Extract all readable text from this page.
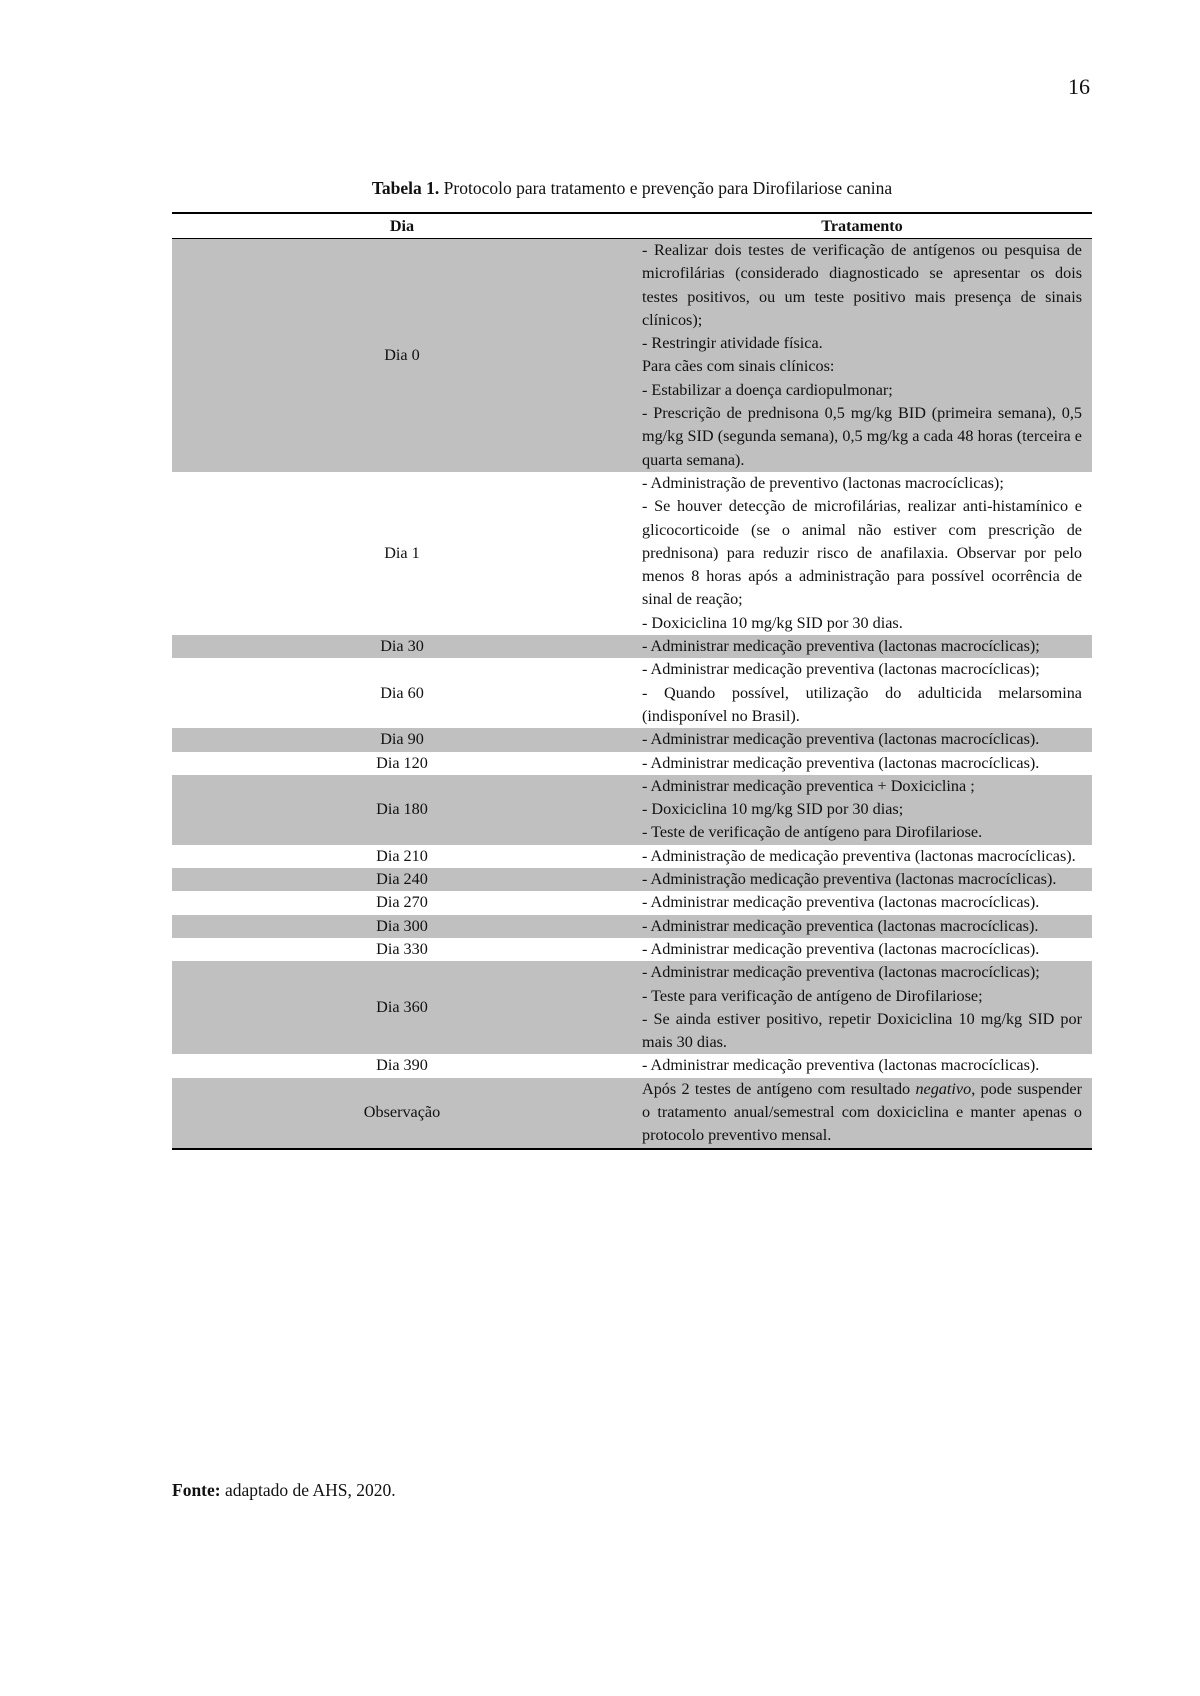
16
Tabela 1. Protocolo para tratamento e prevenção para Dirofilariose canina
Dia	Tratamento
Dia 0	- Realizar dois testes de verificação de antígenos ou pesquisa de microfilárias (considerado diagnosticado se apresentar os dois testes positivos, ou um teste positivo mais presença de sinais clínicos);
- Restringir atividade física.
Para cães com sinais clínicos:
- Estabilizar a doença cardiopulmonar;
- Prescrição de prednisona 0,5 mg/kg BID (primeira semana), 0,5 mg/kg SID (segunda semana), 0,5 mg/kg a cada 48 horas (terceira e quarta semana).

Dia 1	- Administração de preventivo (lactonas macrocíclicas);
- Se houver detecção de microfilárias, realizar anti-histamínico e glicocorticoide (se o animal não estiver com prescrição de prednisona) para reduzir risco de anafilaxia. Observar por pelo menos 8 horas após a administração para possível ocorrência de sinal de reação;
- Doxiciclina 10 mg/kg SID por 30 dias.

Dia 30	- Administrar medicação preventiva (lactonas macrocíclicas);

Dia 60	- Administrar medicação preventiva (lactonas macrocíclicas);
- Quando possível, utilização do adulticida melarsomina (indisponível no Brasil).

Dia 90	- Administrar medicação preventiva (lactonas macrocíclicas).

Dia 120	- Administrar medicação preventiva (lactonas macrocíclicas).

Dia 180	- Administrar medicação preventica + Doxiciclina ;
- Doxiciclina 10 mg/kg SID por 30 dias;
- Teste de verificação de antígeno para Dirofilariose.

Dia 210	- Administração de medicação preventiva (lactonas macrocíclicas).

Dia 240	- Administração medicação preventiva (lactonas macrocíclicas).

Dia 270	- Administrar medicação preventiva (lactonas macrocíclicas).

Dia 300	- Administrar medicação preventica (lactonas macrocíclicas).

Dia 330	- Administrar medicação preventiva (lactonas macrocíclicas).

Dia 360	- Administrar medicação preventiva (lactonas macrocíclicas);
- Teste para verificação de antígeno de Dirofilariose;
- Se ainda estiver positivo, repetir Doxiciclina 10 mg/kg SID por mais 30 dias.

Dia 390	- Administrar medicação preventiva (lactonas macrocíclicas).

Observação	Após 2 testes de antígeno com resultado negativo, pode suspender o tratamento anual/semestral com doxiciclina e manter apenas o protocolo preventivo mensal.
Fonte: adaptado de AHS, 2020.
